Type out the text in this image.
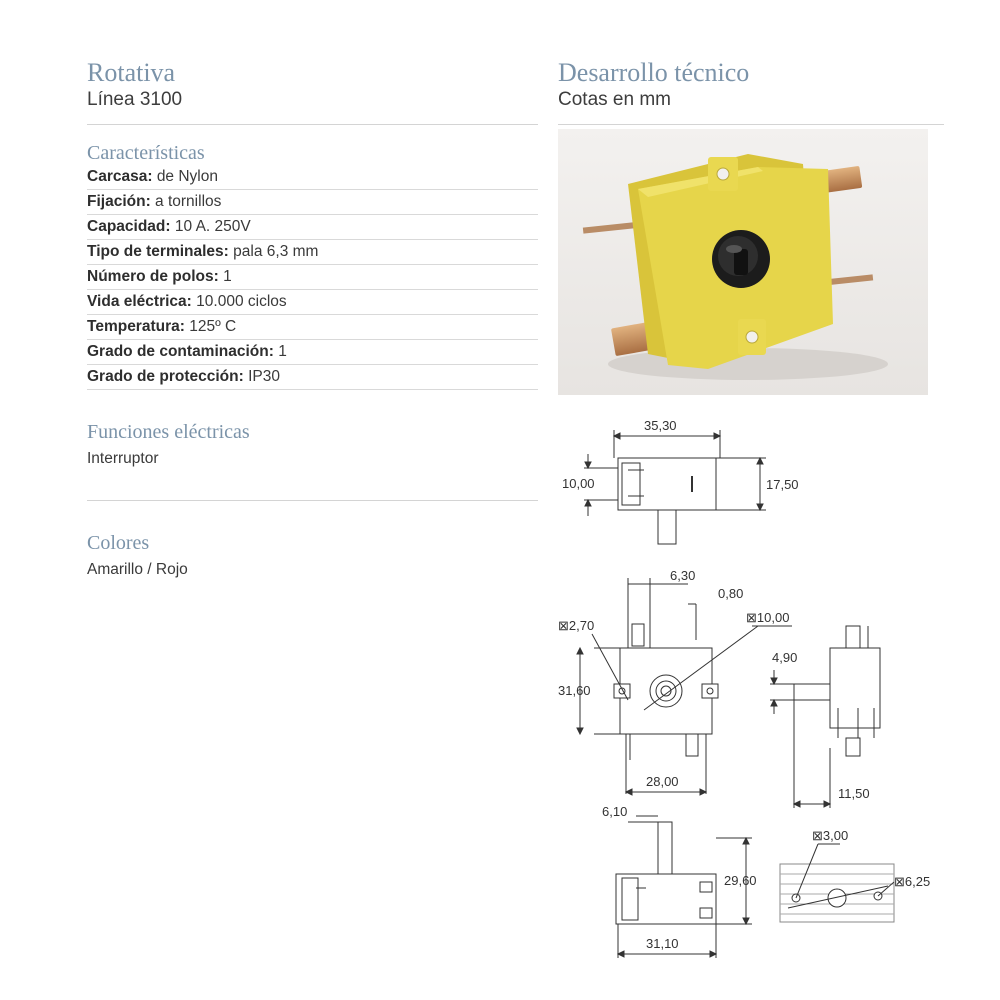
Rotativa

Línea 3100

Características
Carcasa: de Nylon
Fijación: a tornillos
Capacidad: 10 A. 250V
Tipo de terminales: pala 6,3 mm
Número de polos: 1
Vida eléctrica: 10.000 ciclos
Temperatura: 125º C
Grado de contaminación: 1
Grado de protección: IP30
Funciones eléctricas
Interruptor
Colores
Amarillo / Rojo
Desarrollo técnico

Cotas en mm

35,30
10,00	17,50
6,30
0,80
⊠2,70
⊠10,00
31,60
28,00
4,90
11,50
6,10
29,60
31,10
⊠3,00
⊠6,25
